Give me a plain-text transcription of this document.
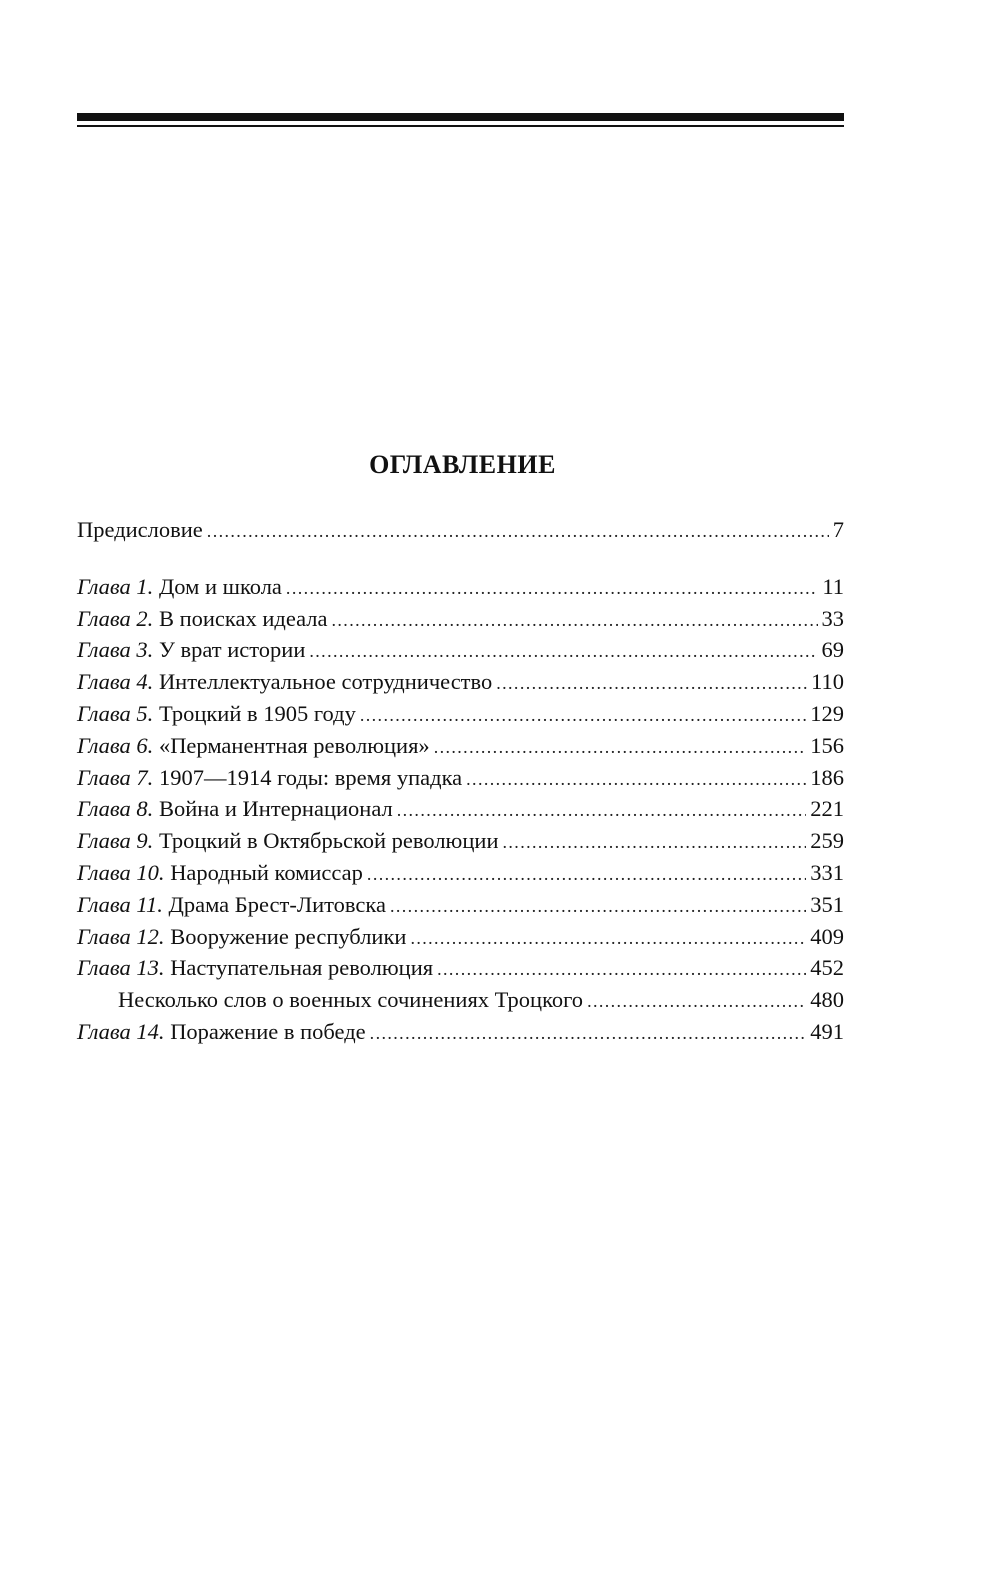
ОГЛАВЛЕНИЕ
Предисловие .....	7
Глава 1. Дом и школа .....	11
Глава 2. В поисках идеала .....	33
Глава 3. У врат истории .....	69
Глава 4. Интеллектуальное сотрудничество .....	110
Глава 5. Троцкий в 1905 году .....	129
Глава 6. «Перманентная революция» .....	156
Глава 7. 1907—1914 годы: время упадка .....	186
Глава 8. Война и Интернационал .....	221
Глава 9. Троцкий в Октябрьской революции .....	259
Глава 10. Народный комиссар .....	331
Глава 11. Драма Брест-Литовска .....	351
Глава 12. Вооружение республики .....	409
Глава 13. Наступательная революция .....	452
Несколько слов о военных сочинениях Троцкого .....	480
Глава 14. Поражение в победе .....	491
